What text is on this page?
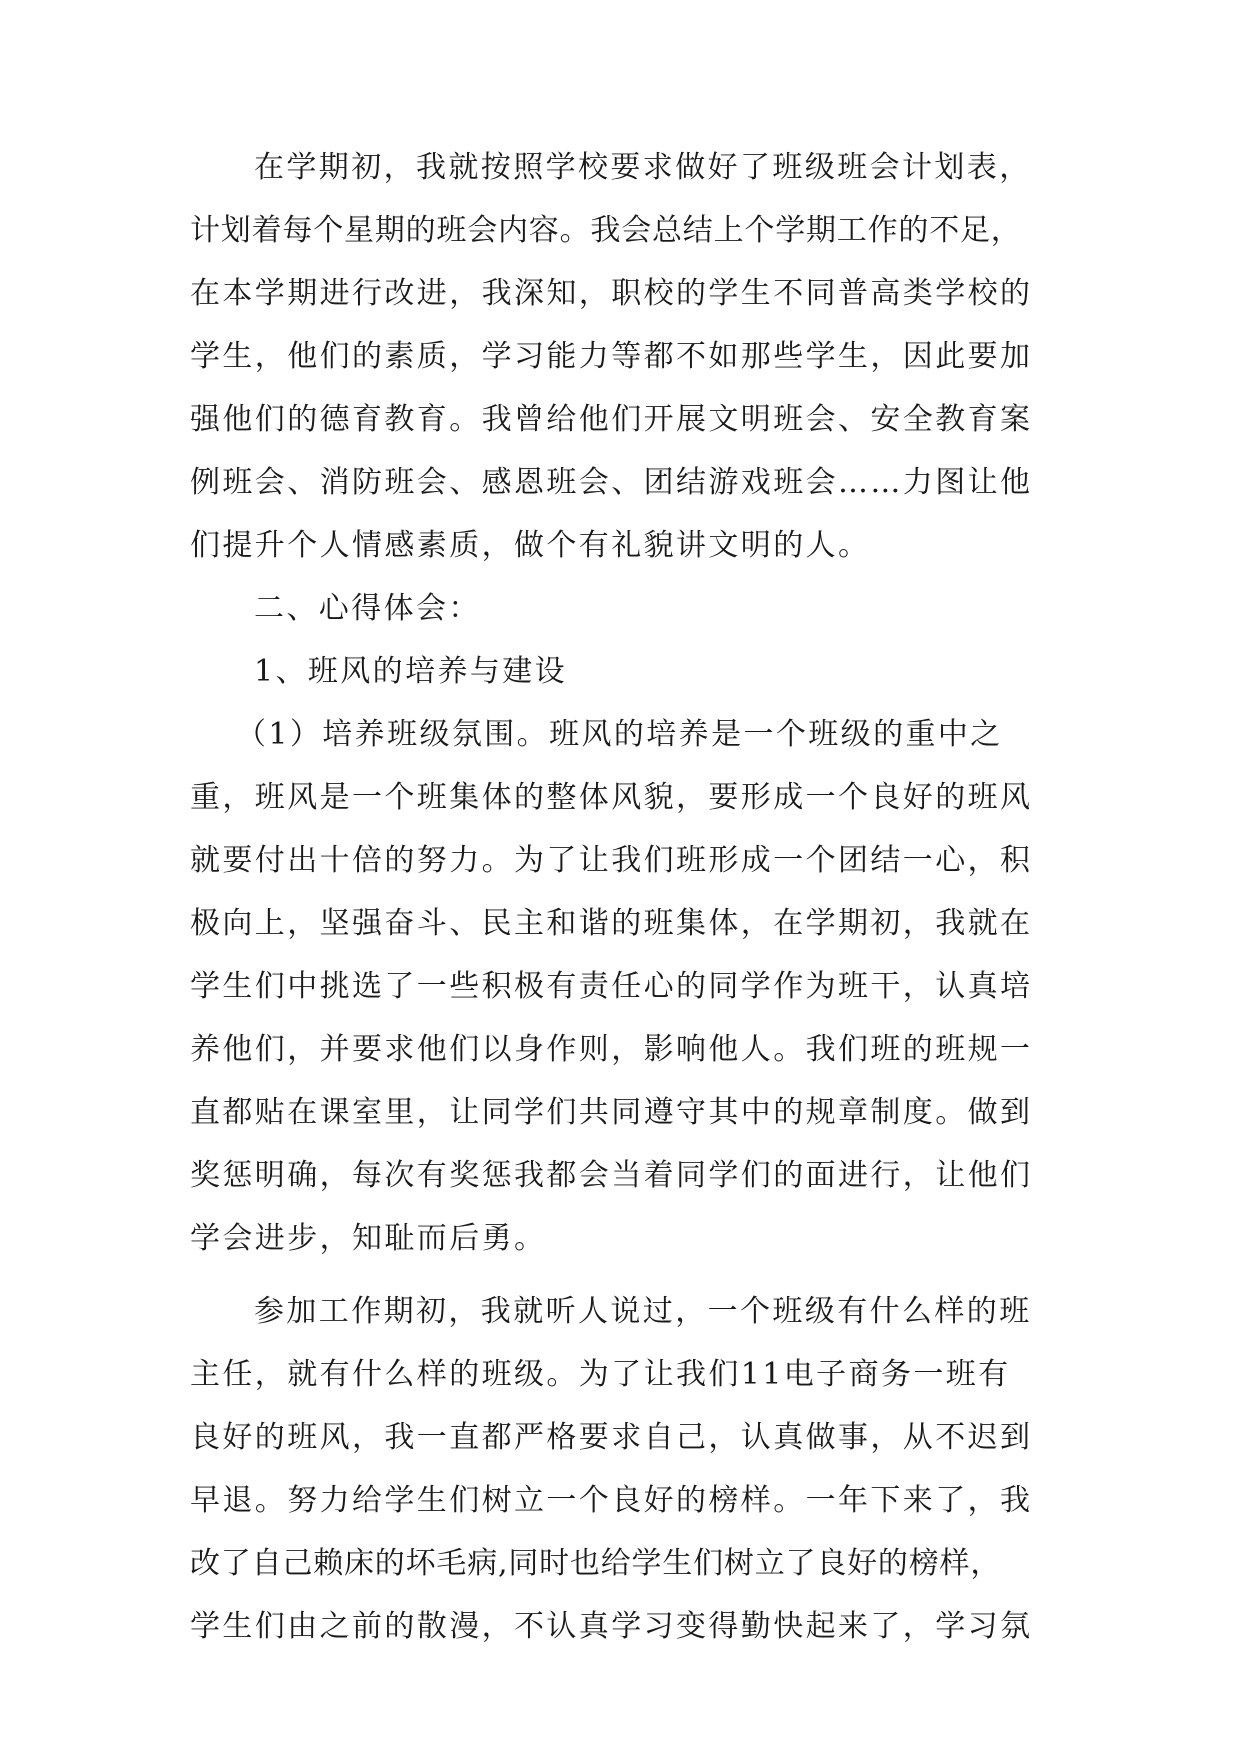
在学期初，我就按照学校要求做好了班级班会计划表，
计划着每个星期的班会内容。我会总结上个学期工作的不足，
在本学期进行改进，我深知，职校的学生不同普高类学校的
学生，他们的素质，学习能力等都不如那些学生，因此要加
强他们的德育教育。我曾给他们开展文明班会、安全教育案
例班会、消防班会、感恩班会、团结游戏班会……力图让他
们提升个人情感素质，做个有礼貌讲文明的人。
二、心得体会：
1、班风的培养与建设
（1）培养班级氛围。班风的培养是一个班级的重中之
重，班风是一个班集体的整体风貌，要形成一个良好的班风
就要付出十倍的努力。为了让我们班形成一个团结一心，积
极向上，坚强奋斗、民主和谐的班集体，在学期初，我就在
学生们中挑选了一些积极有责任心的同学作为班干，认真培
养他们，并要求他们以身作则，影响他人。我们班的班规一
直都贴在课室里，让同学们共同遵守其中的规章制度。做到
奖惩明确，每次有奖惩我都会当着同学们的面进行，让他们
学会进步，知耻而后勇。
参加工作期初，我就听人说过，一个班级有什么样的班
主任，就有什么样的班级。为了让我们11电子商务一班有
良好的班风，我一直都严格要求自己，认真做事，从不迟到
早退。努力给学生们树立一个良好的榜样。一年下来了，我
改了自己赖床的坏毛病,同时也给学生们树立了良好的榜样，
学生们由之前的散漫，不认真学习变得勤快起来了，学习氛
